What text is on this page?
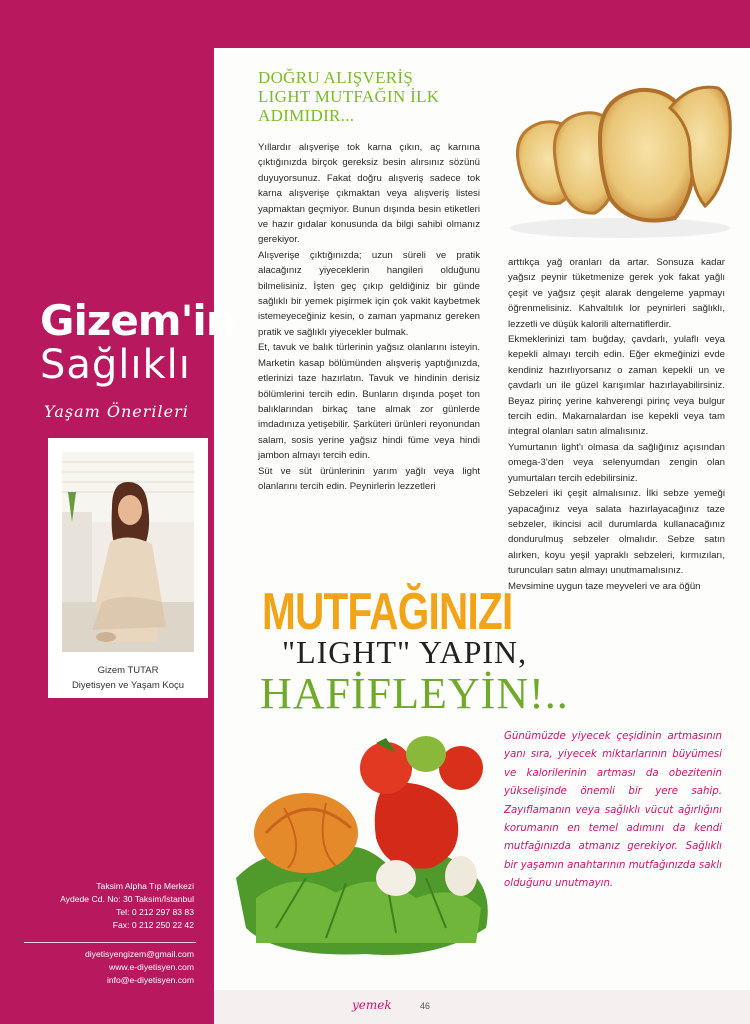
DOĞRU ALIŞVERİŞ
LIGHT MUTFAĞIN İLK
ADIMIDIR...

Yıllardır alışverişe tok karna çıkın, aç karnına çıktığınızda birçok gereksiz besin alırsınız sözünü duyuyorsunuz. Fakat doğru alışveriş sadece tok karna alışverişe çıkmaktan veya alışveriş listesi yapmaktan geçmiyor. Bunun dışında besin etiketleri ve hazır gıdalar konusunda da bilgi sahibi olmanız gerekiyor.

Alışverişe çıktığınızda; uzun süreli ve pratik alacağınız yiyeceklerin hangileri olduğunu bilmelisiniz. İşten geç çıkıp geldiğiniz bir günde sağlıklı bir yemek pişirmek için çok vakit kaybetmek istemeyeceğiniz kesin, o zaman yapmanız gereken pratik ve sağlıklı yiyecekler bulmak.

Et, tavuk ve balık türlerinin yağsız olanlarını isteyin. Marketin kasap bölümünden alışveriş yaptığınızda, etlerinizi taze hazırlatın. Tavuk ve hindinin derisiz bölümlerini tercih edin. Bunların dışında poşet ton balıklarından birkaç tane almak zor günlerde imdadınıza yetişebilir. Şarküteri ürünleri reyonundan salam, sosis yerine yağsız hindi füme veya hindi jambon almayı tercih edin.

Süt ve süt ürünlerinin yarım yağlı veya light olanlarını tercih edin. Peynirlerin lezzetleri

arttıkça yağ oranları da artar. Sonsuza kadar yağsız peynir tüketmenize gerek yok fakat yağlı çeşit ve yağsız çeşit alarak dengeleme yapmayı öğrenmelisiniz. Kahvaltılık lor peynirleri sağlıklı, lezzetli ve düşük kalorili alternatiflerdir.

Ekmeklerinizi tam buğday, çavdarlı, yulaflı veya kepekli almayı tercih edin. Eğer ekmeğinizi evde kendiniz hazırlıyorsanız o zaman kepekli un ve çavdarlı un ile güzel karışımlar hazırlayabilirsiniz. Beyaz pirinç yerine kahverengi pirinç veya bulgur tercih edin. Makarnalardan ise kepekli veya tam integral olanları satın almalısınız.

Yumurtanın light'ı olmasa da sağlığınız açısından omega-3'den veya selenyumdan zengin olan yumurtaları tercih edebilirsiniz.

Sebzeleri iki çeşit almalısınız. İlki sebze yemeği yapacağınız veya salata hazırlayacağınız taze sebzeler, ikincisi acil durumlarda kullanacağınız dondurulmuş sebzeler olmalıdır. Sebze satın alırken, koyu yeşil yapraklı sebzeleri, kırmızıları, turuncuları satın almayı unutmamalısınız.

Mevsimine uygun taze meyveleri ve ara öğün

Gizem'in
Sağlıklı
Yaşam Önerileri
Gizem TUTAR
Diyetisyen ve Yaşam Koçu
Taksim Alpha Tıp Merkezi
Aydede Cd. No: 30 Taksim/İstanbul
Tel: 0 212 297 83 83
Fax: 0 212 250 22 42
diyetisyengizem@gmail.com
www.e-diyetisyen.com
info@e-diyetisyen.com
MUTFAĞINIZI
"LIGHT" YAPIN,
HAFİFLEYİN!..
Günümüzde yiyecek çeşidinin artmasının yanı sıra, yiyecek miktarlarının büyümesi ve kalorilerinin artması da obezitenin yükselişinde önemli bir yere sahip. Zayıflamanın veya sağlıklı vücut ağırlığını korumanın en temel adımını da kendi mutfağınızda atmanız gerekiyor. Sağlıklı bir yaşamın anahtarının mutfağınızda saklı olduğunu unutmayın.
yemek	46
